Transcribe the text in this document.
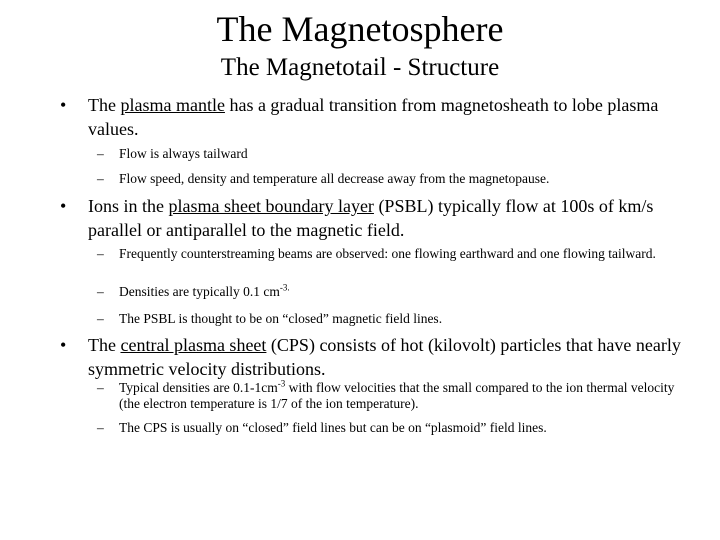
The Magnetosphere
The Magnetotail - Structure
•	The plasma mantle has a gradual transition from magnetosheath to lobe plasma values.
–	Flow is always tailward
–	Flow speed, density and temperature all decrease away from the magnetopause.
•	Ions in the plasma sheet boundary layer (PSBL) typically flow at 100s of km/s parallel or antiparallel to the magnetic field.
–	Frequently counterstreaming beams are observed: one flowing earthward and one flowing tailward.
–	Densities are typically 0.1 $cm^{-3.}$
–	The PSBL is thought to be on “closed” magnetic field lines.
•	The central plasma sheet (CPS) consists of hot (kilovolt) particles that have nearly symmetric velocity distributions.
–	Typical densities are $0.1-1cm^{-3}$ with flow velocities that the small compared to the ion thermal velocity (the electron temperature is 1/7 of the ion temperature).
–	The CPS is usually on “closed” field lines but can be on “plasmoid” field lines.
